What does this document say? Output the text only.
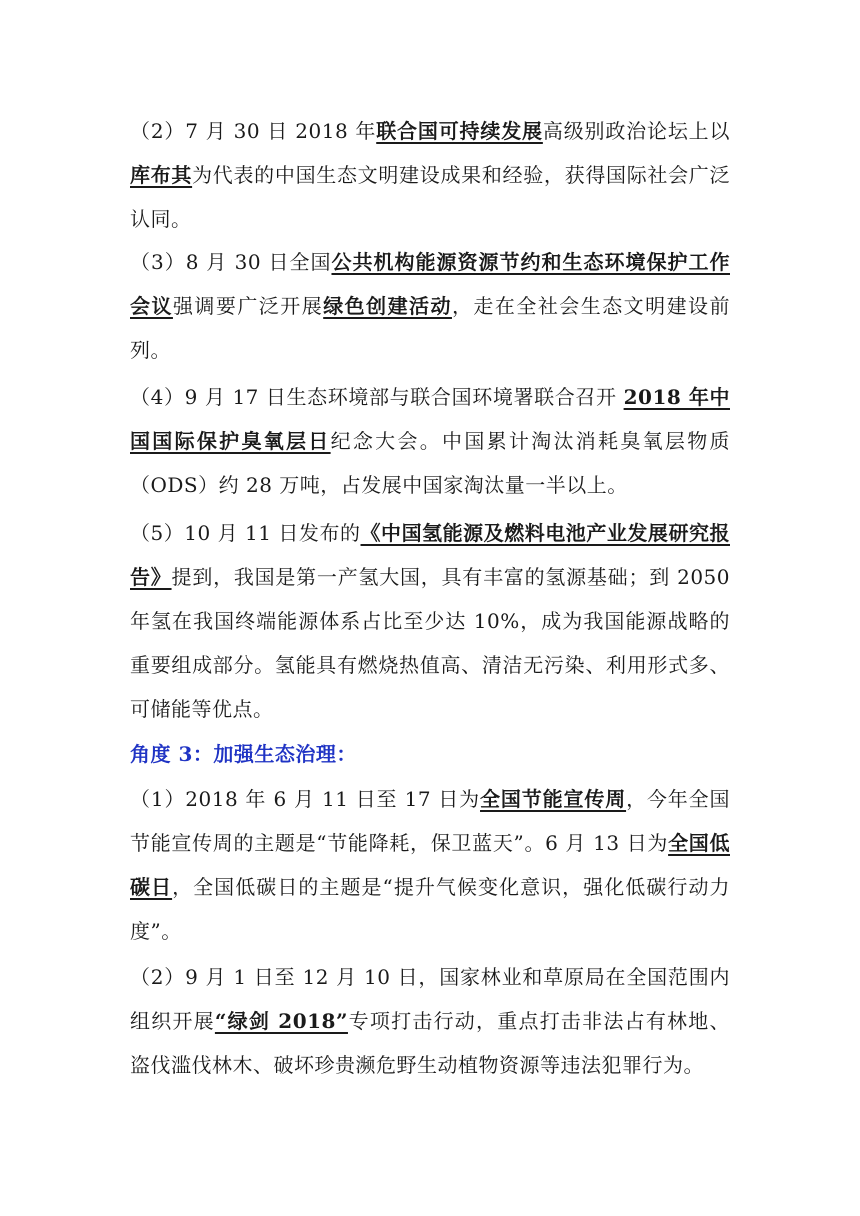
（2）7 月 30 日 2018 年联合国可持续发展高级别政治论坛上以库布其为代表的中国生态文明建设成果和经验，获得国际社会广泛认同。

（3）8 月 30 日全国公共机构能源资源节约和生态环境保护工作会议强调要广泛开展绿色创建活动，走在全社会生态文明建设前列。

（4）9 月 17 日生态环境部与联合国环境署联合召开 2018 年中国国际保护臭氧层日纪念大会。中国累计淘汰消耗臭氧层物质（ODS）约 28 万吨，占发展中国家淘汰量一半以上。

（5）10 月 11 日发布的《中国氢能源及燃料电池产业发展研究报告》提到，我国是第一产氢大国，具有丰富的氢源基础；到 2050 年氢在我国终端能源体系占比至少达 10%，成为我国能源战略的重要组成部分。氢能具有燃烧热值高、清洁无污染、利用形式多、可储能等优点。

角度 3：加强生态治理：

（1）2018 年 6 月 11 日至 17 日为全国节能宣传周，今年全国节能宣传周的主题是“节能降耗，保卫蓝天”。6 月 13 日为全国低碳日，全国低碳日的主题是“提升气候变化意识，强化低碳行动力度”。

（2）9 月 1 日至 12 月 10 日，国家林业和草原局在全国范围内组织开展“绿剑 2018”专项打击行动，重点打击非法占有林地、盗伐滥伐林木、破坏珍贵濒危野生动植物资源等违法犯罪行为。
